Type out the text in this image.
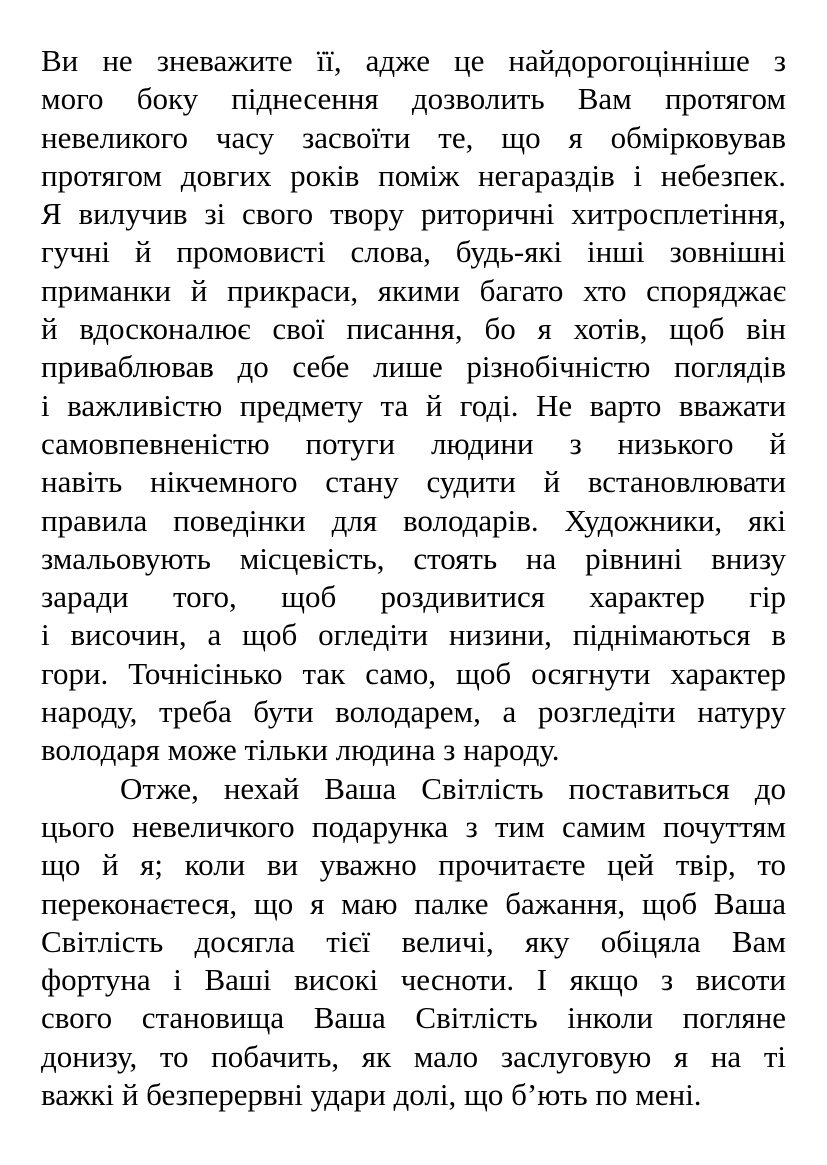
Ви не зневажите її, адже це найдорогоцінніше з
мого боку піднесення дозволить Вам протягом
невеликого часу засвоїти те, що я обмірковував
протягом довгих років поміж негараздів і небезпек.
Я вилучив зі свого твору риторичні хитросплетіння,
гучні й промовисті слова, будь-які інші зовнішні
приманки й прикраси, якими багато хто споряджає
й вдосконалює свої писання, бо я хотів, щоб він
приваблював до себе лише різнобічністю поглядів
і важливістю предмету та й годі. Не варто вважати
самовпевненістю потуги людини з низького й
навіть нікчемного стану судити й встановлювати
правила поведінки для володарів. Художники, які
змальовують місцевість, стоять на рівнині внизу
заради того, щоб роздивитися характер гір
і височин, а щоб огледіти низини, піднімаються в
гори. Точнісінько так само, щоб осягнути характер
народу, треба бути володарем, а розгледіти натуру
володаря може тільки людина з народу.
Отже, нехай Ваша Світлість поставиться до
цього невеличкого подарунка з тим самим почуттям
що й я; коли ви уважно прочитаєте цей твір, то
переконаєтеся, що я маю палке бажання, щоб Ваша
Світлість досягла тієї величі, яку обіцяла Вам
фортуна і Ваші високі чесноти. І якщо з висоти
свого становища Ваша Світлість інколи погляне
донизу, то побачить, як мало заслуговую я на ті
важкі й безперервні удари долі, що б’ють по мені.
